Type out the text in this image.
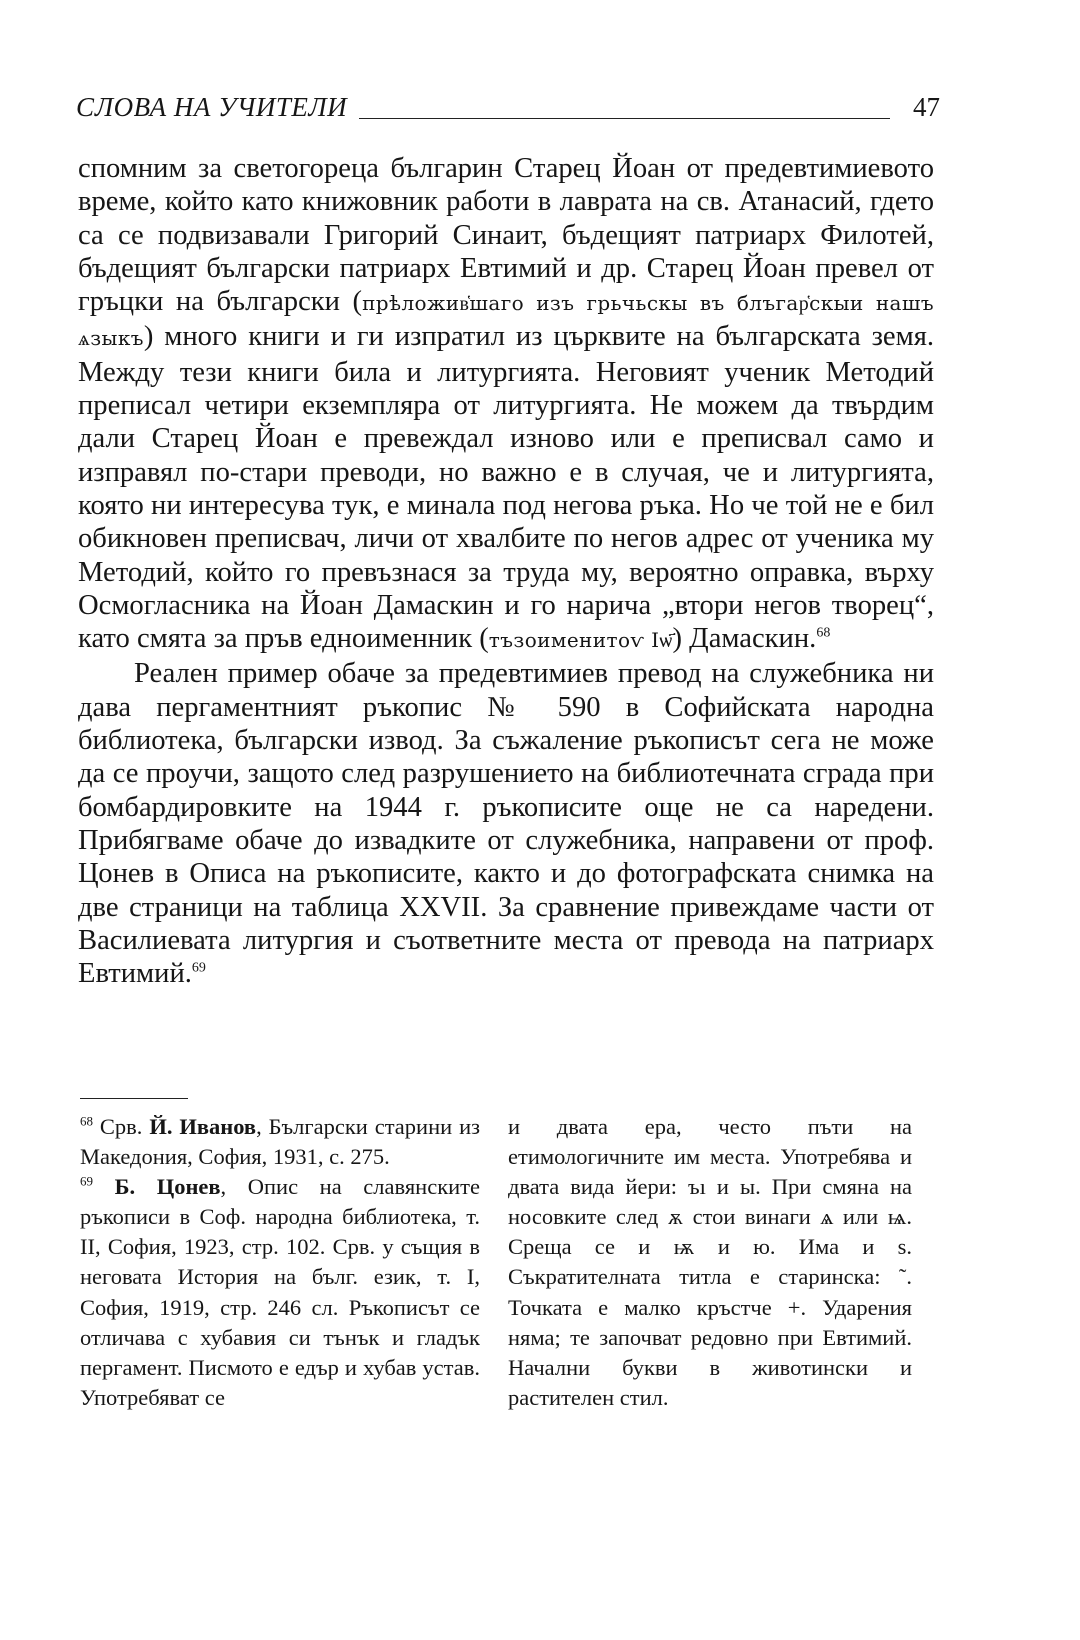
СЛОВА НА УЧИТЕЛИ	47

спомним за светогореца българин Старец Йоан от предевтимиевото време, който като книжовник работи в лаврата на св. Атанасий, гдето са се подвизавали Григорий Синаит, бъдещият патриарх Филотей, бъдещият български патриарх Евтимий и др. Старец Йоан превел от гръцки на български (прѣложив҅шаго изъ грьчьскы въ блъгар҅скыи нашъ ѧзыкъ) много книги и ги изпратил из църквите на българската земя. Между тези книги била и литургията. Неговият ученик Методий преписал четири екземпляра от литургията. Не можем да твърдим дали Старец Йоан е превеждал изново или е преписвал само и изправял по-стари преводи, но важно е в случая, че и литургията, която ни интересува тук, е минала под негова ръка. Но че той не е бил обикновен преписвач, личи от хвалбите по негов адрес от ученика му Методий, който го превъзнася за труда му, вероятно оправка, върху Осмогласника на Йоан Дамаскин и го нарича „втори негов творец“, като смята за пръв едноименник (тъзоименитоѵ Iѡ҃) Дамаскин.$^{68}$

Реален пример обаче за предевтимиев превод на служебника ни дава пергаментният ръкопис № 590 в Софийската народна библиотека, български извод. За съжаление ръкописът сега не може да се проучи, защото след разрушението на библиотечната сграда при бомбардировките на 1944 г. ръкописите още не са наредени. Прибягваме обаче до извадките от служебника, направени от проф. Цонев в Описа на ръкописите, както и до фотографската снимка на две страници на таблица XXVII. За сравнение привеждаме части от Василиевата литургия и съответните места от превода на патриарх Евтимий.$^{69}$

$^{68}$ Срв. Й. Иванов, Български старини из Македония, София, 1931, с. 275.

$^{69}$ Б. Цонев, Опис на славянските ръкописи в Соф. народна библиотека, т. II, София, 1923, стр. 102. Срв. у същия в неговата История на бълг. език, т. I, София, 1919, стр. 246 сл. Ръкописът се отличава с хубавия си тънък и гладък пергамент. Писмото е едър и хубав устав. Употребяват се

и двата ера, често пъти на етимологичните им места. Употребява и двата вида йери: ъı и ы. При смяна на носовките след ѫ стои винаги ѧ или ѩ. Среща се и ѭ и ю. Има и ѕ. Съкратителната титла е старинска: ῀. Точката е малко кръстче +. Ударения няма; те започват редовно при Евтимий. Начални букви в животински и растителен стил.
